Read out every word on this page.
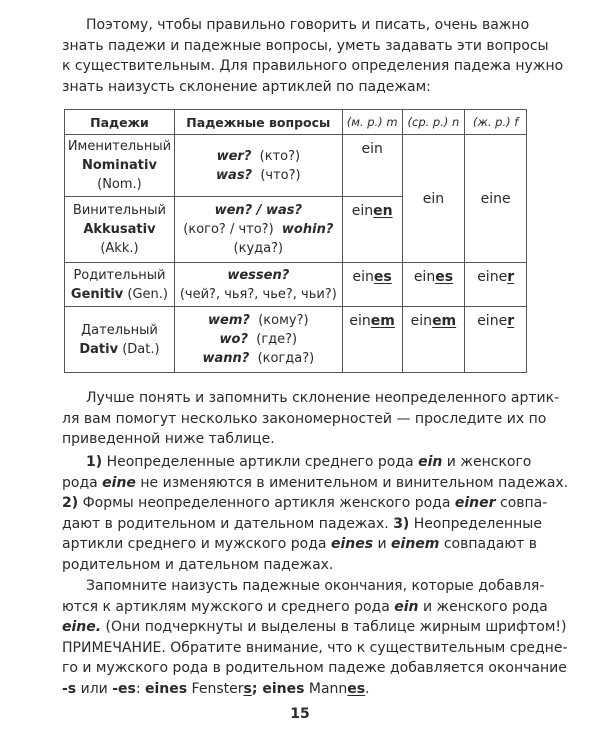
Поэтому, чтобы правильно говорить и писать, очень важно
знать падежи и падежные вопросы, уметь задавать эти вопросы
к существительным. Для правильного определения падежа нужно
знать наизусть склонение артиклей по падежам:
Падежи	Падежные вопросы	(м. р.) m	(ср. р.) n	(ж. р.) f

Именительный
Nominativ
(Nom.)	wer? (кто?)
was? (что?)	ein	ein	eine

Винительный
Akkusativ
(Akk.)	wen? / was?
(кого? / что?) wohin?
(куда?)	einen		

Родительный
Genitiv (Gen.)	wessen?
(чей?, чья?, чье?, чьи?)	eines	eines	einer

Дательный
Dativ (Dat.)	wem? (кому?)
wo? (где?)
wann? (когда?)	einem	einem	einer
Лучше понять и запомнить склонение неопределенного артик-
ля вам помогут несколько закономерностей — проследите их по
приведенной ниже таблице.
1) Неопределенные артикли среднего рода ein и женского
рода eine не изменяются в именительном и винительном падежах.
2) Формы неопределенного артикля женского рода einer совпа-
дают в родительном и дательном падежах. 3) Неопределенные
артикли среднего и мужского рода eines и einem совпадают в
родительном и дательном падежах.
Запомните наизусть падежные окончания, которые добавля-
ются к артиклям мужского и среднего рода ein и женского рода
eine. (Они подчеркнуты и выделены в таблице жирным шрифтом!)
ПРИМЕЧАНИЕ. Обратите внимание, что к существительным средне-
го и мужского рода в родительном падеже добавляется окончание
-s или -es: eines Fensters; eines Mannes.
15
